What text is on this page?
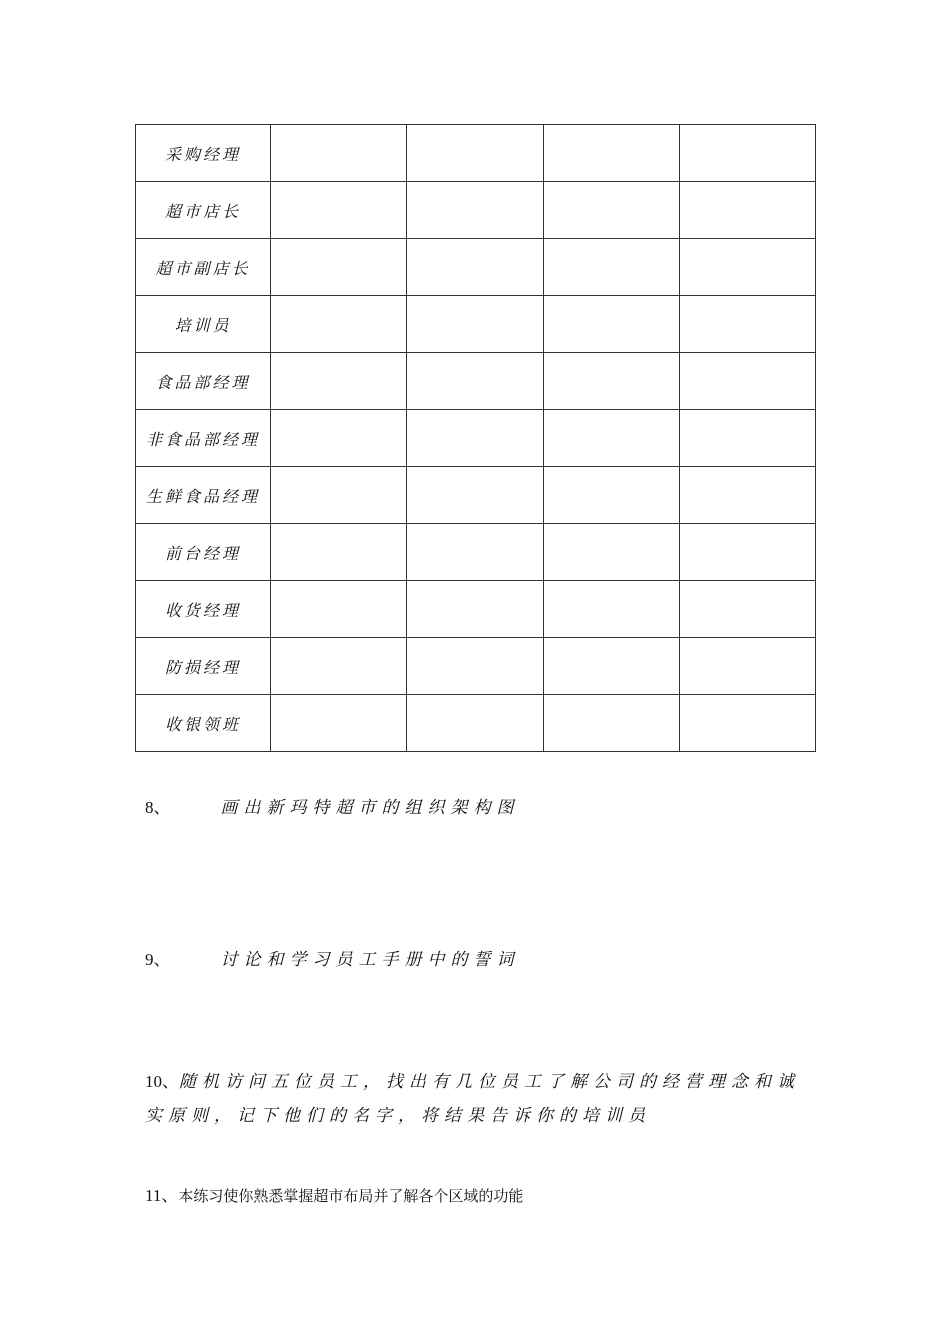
采购经理				
超市店长				
超市副店长				
培训员				
食品部经理				
非食品部经理				
生鲜食品经理				
前台经理				
收货经理				
防损经理				
收银领班				
8、	画出新玛特超市的组织架构图
9、	讨论和学习员工手册中的誓词
10、随机访问五位员工，找出有几位员工了解公司的经营理念和诚实原则，记下他们的名字，将结果告诉你的培训员
11、本练习使你熟悉掌握超市布局并了解各个区域的功能
